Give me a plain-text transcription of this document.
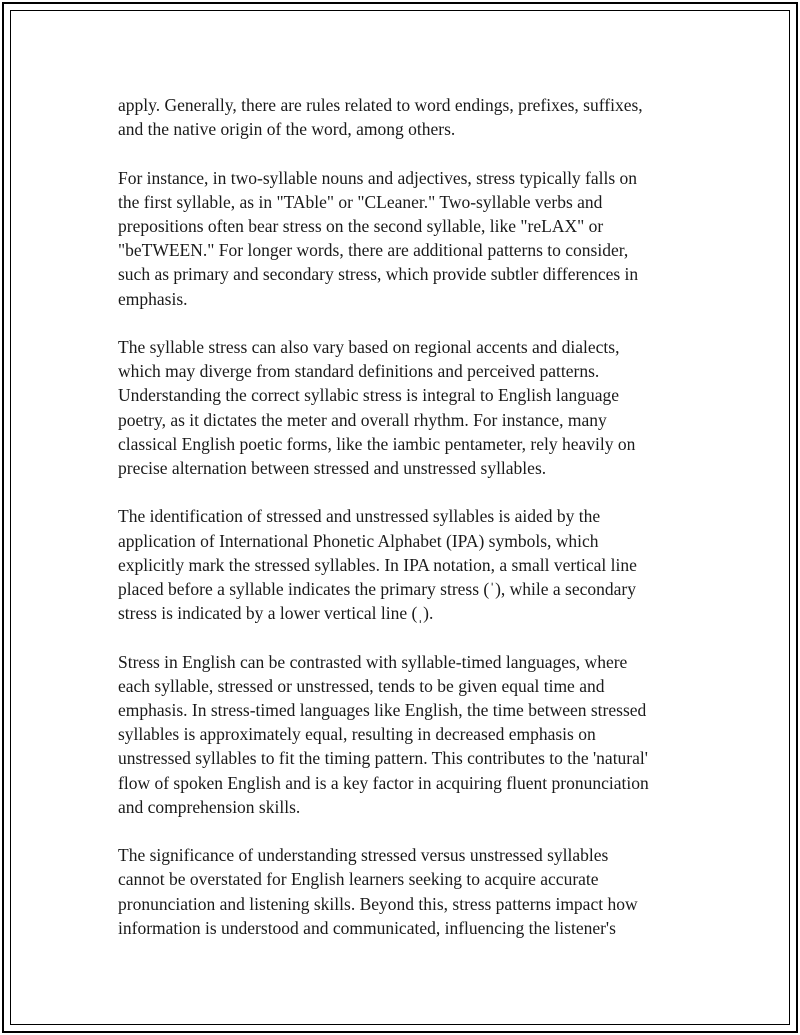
apply. Generally, there are rules related to word endings, prefixes, suffixes,
and the native origin of the word, among others.

For instance, in two-syllable nouns and adjectives, stress typically falls on
the first syllable, as in "TAble" or "CLeaner." Two-syllable verbs and
prepositions often bear stress on the second syllable, like "reLAX" or
"beTWEEN." For longer words, there are additional patterns to consider,
such as primary and secondary stress, which provide subtler differences in
emphasis.

The syllable stress can also vary based on regional accents and dialects,
which may diverge from standard definitions and perceived patterns.
Understanding the correct syllabic stress is integral to English language
poetry, as it dictates the meter and overall rhythm. For instance, many
classical English poetic forms, like the iambic pentameter, rely heavily on
precise alternation between stressed and unstressed syllables.

The identification of stressed and unstressed syllables is aided by the
application of International Phonetic Alphabet (IPA) symbols, which
explicitly mark the stressed syllables. In IPA notation, a small vertical line
placed before a syllable indicates the primary stress (ˈ), while a secondary
stress is indicated by a lower vertical line (ˌ).

Stress in English can be contrasted with syllable-timed languages, where
each syllable, stressed or unstressed, tends to be given equal time and
emphasis. In stress-timed languages like English, the time between stressed
syllables is approximately equal, resulting in decreased emphasis on
unstressed syllables to fit the timing pattern. This contributes to the 'natural'
flow of spoken English and is a key factor in acquiring fluent pronunciation
and comprehension skills.

The significance of understanding stressed versus unstressed syllables
cannot be overstated for English learners seeking to acquire accurate
pronunciation and listening skills. Beyond this, stress patterns impact how
information is understood and communicated, influencing the listener's
